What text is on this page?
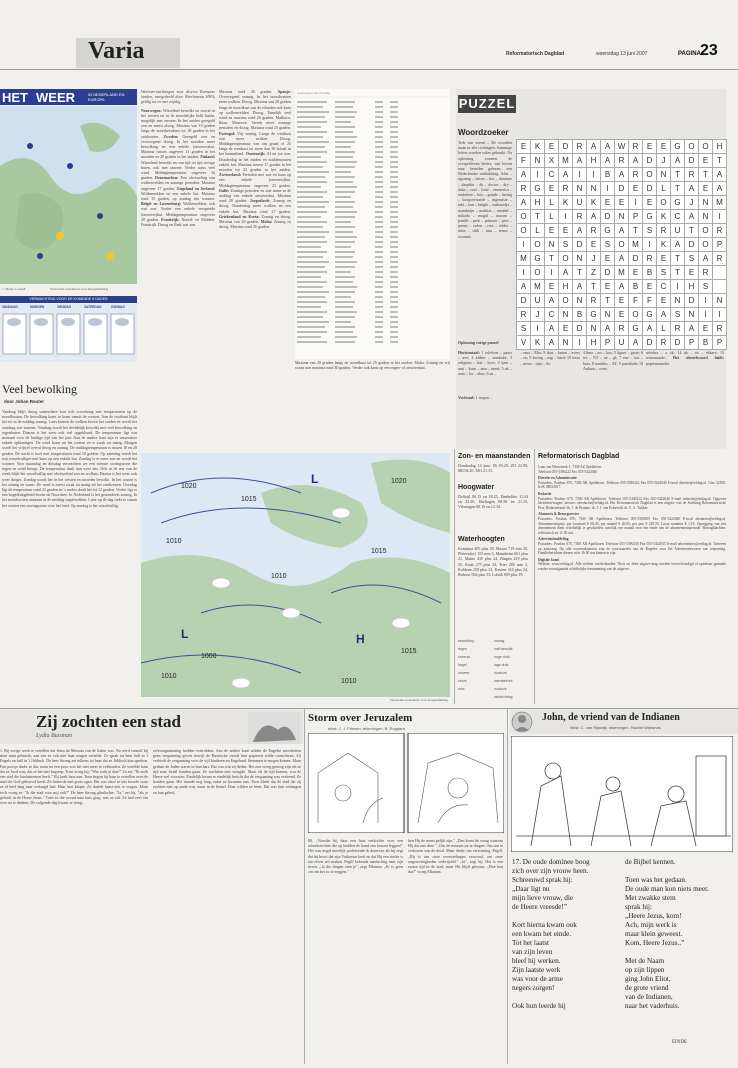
Varia	Reformatorisch Dagblad	woensdag 13 juni 2007	PAGINA 23
HET WEER	IN NEDERLAND EN EUROPA
© Meteo Consult	Verwachte weerskaart voor morgenmiddag
VERWACHTING VOOR DE KOMENDE 5 DAGEN
VANDAAG	MORGEN	VRIJDAG	ZATERDAG	ZONDAG
Veel bewolking
door Johan Reuter
Vandaag blijft droog somewhere kort tich voorsbong met temperaturen op de noordkusten. De bewolking komt te komt vanuit de westen. Aan de oostkant blijft het tot in de middag zonnig. Later komen de wolken boven het zuiden en wordt het vandaag wat warmer. Vandaag wordt het deeldelijk bewolkt met veel bewolking en regenbuien. Daarna is het weer ook wel opgeklaard. De temperatuur ligt wat normaal voor de huidige tijd van het jaar. Aan de andere kant zijn er tussendoor enkele opklaringen. De wind komt uit het westen en is zwak tot matig. Morgen wordt het vrijwel overal droog en zonnig. De middagtemperatuur is tussen 18 en 20 graden. De nacht is koel met temperaturen rond 10 graden. Op zaterdag wordt het wat wisselvalliger met kans op een enkele bui. Zondag is er meer zon en wordt het warmer. Voor maandag en dinsdag verwachten we een nieuwe storingszone die regen en wind brengt. De temperatuur daalt dan weer iets. Ook in de rest van de week blijft het wisselvallig met afwisselend zon en wolken. Daarna is het weer ook weer droger. Zondag wordt het in het westen en noorden bewolkt. In het oosten is het zonnig en warm. De wind is meest zwak tot matig uit het zuidwesten. Overdag ligt de temperatuur rond 22 graden en 's nachts daalt het tot 12 graden. Verder ligt er een hogedrukgebied boven de Noordzee. In Nederland is het grotendeels zonnig. In het noordoosten ontstaan in de middag stapelwolken. Later op de dag trekt er vanuit het westen een storingszone over het land. Op zondag is het wisselvallig.
Weersverwachtingen voor diverse Europese landen, meegedeeld door Weerbureau HWS, geldig tot en met vrijdag.
Noorwegen: Wisselend bewolkt en vooral in het westen en in de noordelijke helft buien, mogelijk met onweer. In het zuiden geregeld zon en meest droog. Maxima van 10 graden langs de noordwestkust tot 18 graden in het zuidoosten. Zweden: Geregeld zon en overwegend droog. In het noorden meer bewolking en een enkele (onweers)bui. Maxima tussen ongeveer 11 graden in het noorden en 20 graden in het zuiden. Finland: Wisselend bewolkt en van tijd tot tijd stevige buien, ook met onweer. Verder soms veel wind. Middagtemperatuur ongeveer 16 graden. Denemarken: Een afwisseling van wolkenvelden en zonnige perioden. Maxima ongeveer 17 graden. Engeland en Ierland: Wolkenvelden en een enkele bui. Maxima rond 15 graden, op zondag iets warmer. België en Luxemburg: Wolkenvelden, ook wat zon. Verder een enkele verspreide (onweers)bui. Middagtemperatuur ongeveer 20 graden. Frankrijk: Noord- en Midden-Frankrijk: Droog en flink wat zon.
Maxima rond 26 graden. Spanje: Overwegend zonnig. In het noordwesten meer wolken. Droog. Maxima van 20 graden langs de noordkust van de eilanden ook kans op wolkenvelden. Droog. Tamelijk veel wind en maxima rond 26 graden. Mallorca, Ibiza, Menorca: Steeds meer zonnige perioden en droog. Maxima rond 23 graden. Portugal: Vrij zonnig. Lange de westkust wat meer wolken. Droog. Middagtemperatuur van om graad of 25 langs de westkust tot meer dan 30 lokaal in het binnenland. Oostenrijk: Af en toe zon. Donderdag in het zuiden en middenoosten enkele bui. Maxima tussen 17 graden in het noorden tot 22 graden in het zuiden. Zwitserland: Perioden met zon en kans op een enkele (onweers)bui. Middagtemperatuur ongeveer 23 graden. Italië: Zonnige perioden en met name in de middag een enkele onweersbui. Maxima rond 28 graden. Joegoslavië: Zonnig en droog. Donderdag meer wolken en een enkele bui. Maxima rond 27 graden. Griekenland en Kreta: Zonnig en droog. Maxima van 29 graden. Malta: Zonnig en droog. Maxima rond 26 graden.
weerrapport van dinsdag
Maxima van 20 graden langs de noordkust tot 25 graden in het zuiden. Malta: Zonnig en vrij warm met maxima rond 30 graden. Verder ook kans op een regen- of onweersbui.
PUZZEL
Woordzoeker
Trek van vorenl – De woorden staan in alle richtingen. Sommige letters worden vaker gebruikt. Na oplossing vormen de overgebleven letters, van boven naar beneden gelezen, een Nederlandse uitdrukking. Afrit – agoning – baton – bot – dammer – dauphin – dit – doctor – dry – duke – ezel – fond – emmerica – endolerie – foto – grinde – hering – hoogverwarde – ingemiste – inkt – kan – knight – maharadja – mandarijn – mathias – meubel – mikado – mogul – nazom – pandit – piek – primaat – pres – prinse – raden – rate – ridder – shire – sikh – taza – tenno – vicomte.
Oplossing vorige puzzel
Horizontaal: 1 telefoon – paars – ave; 2 afdeer – aandacht; 3 religieus – hat – hoor; 4 ipen – anti – kuur – tarn – nend; 5 ak – auto – lor – abor; 6 na –
Verticaal: 1 terpan –
– ema – Elio; 8 ikus – kanus – avers – en; 9 kering – nap – bard; 10 trens – niezn – tijm – Se.
4 lime – ers – kos; 5 ligner – gaste; 6 tes – NT – ne – gl; 7 ene – ion – bras; 8 nautilus – AT; 9 paastkado 10 Ankara – oven;
sehebra – a ok; 14 ab – ox – ekkers; 15 stimuraarde. Het sleutelwoord luidt: pepermuntolie.
E	K	E	D	R	A	A	W	R	E	E	G	O	O	H
F	N	X	M	A	H	A	R	A	D	J	A	D	E	T
A	I	C	A	I	I	B	A	R	O	N	T	R	T	A
R	G	E	R	N	N	I	D	E	D	L	T	A	E	A
A	H	L	K	U	K	E	E	I	E	O	G	J	N	M
O	T	L	I	R	A	D	N	P	G	K	C	A	N	I
O	L	E	E	A	R	G	A	T	S	R	U	T	O	R
I	O	N	S	D	E	S	O	M	I	K	A	D	O	P
M	G	T	O	N	J	E	A	D	R	E	T	S	A	R
I	O	I	A	T	Z	D	M	E	B	S	T	E	R	
A	M	E	H	A	T	E	A	B	E	C	I	H	S	
D	U	A	O	N	R	T	E	F	F	E	N	D	I	N
R	J	C	N	B	G	N	E	O	G	A	S	N	I	I
S	I	A	E	D	N	A	R	G	A	L	R	A	E	R
V	K	A	N	I	H	P	U	A	D	R	D	P	B	P
1020
1015
1010
1015
1010
1000
1010
1020
1015
1010
L
L	H
Verwachte weerskaart voor morgenmiddag
Zon- en maanstanden
Donderdag 14 juni: Z6 05.20, ZO 22.00; M0 04.20, MO 21.15.
Hoogwater
Delfzijl 06.15 en 18.25, Denhelder 11.04 en 23.30, Harlingen 08.50 en 21.10, Vlissingen 00.16 en 12.34.
Waterhoogten
Konstanz 495 plus 20, Maxau 719 min 20, Plittersdorf 155 min 5, Mannheim 661 plus 21, Mainz 435 plus 24, Bingen 419 plus 25, Kaub 275 plus 34, Trier 285 min 2, Koblenz 258 plus 21, Keulen 416 plus 24, Ruhrort 504 plus 33, Lobith 869 plus 19.
bewolking
regen
sneeuw
hagel
onweer
storm
mist
zonnig
half bewolkt
hoge druk
lage druk
koufront
warmtefront
occlusie
windrichting
Reformatorisch Dagblad
Laan van Westenenk 1, 7336 AZ Apeldoorn
Telefoon 055-5390222 Fax 055-5422040
Directie en Administratie
Postadres: Postbus 670, 7300 AR Apeldoorn. Telefoon 055-5390222 Fax 055-5422040 E-mail directie@refdag.nl. Giro 32500, KvK 08033017.
Redactie
Postadres: Postbus 670, 7300 AR Apeldoorn. Telefoon 055-5390222 Fax 055-5422040 E-mail redactie@refdag.nl. Opgeven berichten/vragen/ nieuws: rdredactie@refdag.nl. Het Reformatorisch Dagblad is een uitgave van de Stichting Reformatorische Pers. Redactieraad: ds. J. de Bruijne, ds. J. J. van Eckeveld, dr. C. A. Tukker.
Abonnees & Bezorgservice
Postadres: Postbus 670, 7300 AR Apeldoorn. Telefoon 055-5390300 Fax 055-5422040 E-mail abonnees@refdag.nl. Abonnementsprijs: per kwartaal € 60,45, per maand € 20,65, per jaar € 229,55. Losse nummer € 1,10. Opzegging van een abonnement dient schriftelijk te geschieden, uiterlijk een maand voor het einde van de abonnementsperiode. Bezorgklachten: telefonisch tot 11.00 uur.
Advertentieafdeling
Postadres: Postbus 670, 7300 AR Apeldoorn. Telefoon 055-5390230 Fax 055-5422045 E-mail advertenties@refdag.nl. Tarieven op aanvraag. Op alle overeenkomsten zijn de voorwaarden van de Regelen voor het Advertentiewezen van toepassing. Familieberichten dienen vóór 16.00 uur binnen te zijn.
Digitale krant
Website: www.refdag.nl. Alle rechten voorbehouden. Niets uit deze uitgave mag worden verveelvoudigd of openbaar gemaakt zonder voorafgaande schriftelijke toestemming van de uitgever.
Zij zochten een stad
Lydia Buisman
1. Bij vorige week te vertellen dat Jezus de Messias van de Joden was. Nu werd vanzelf bij deze man gebracht, aan wie ze ook niet haar zorgen vertelde. Ze sprak tot hem half in 't Engels en half in 't Jiddisch. De heer Strong zei telkens tot haar dat ze Jiddisch kon spreken. Een poosje dacht ze dat, maar na een poos was het niet meer te volhouden. Ze vertelde haar dat ze Jood was, dat ze het niet begreep. Toen vroeg hij: "Wat zoek je dan?" Ze zei: "Ik zoek een stad die fundamenten heeft." Hij keek haar aan. Toen begon hij haar te vertellen over de stad die God gebouwd heeft. Ze luisterde met grote ogen. Het was alsof ze iets hoorde waar ze al heel lang naar verlangd had. Haar hart klopte. Ze durfde haast niet te vragen. Maar toch vroeg ze: "Is die stad voor mij ook?" De heer Strong glimlachte. "Ja," zei hij, "als je gelooft in de Heere Jezus." Toen ze die avond naar huis ging, was ze stil. Ze had veel om over na te denken. De volgende dag kwam ze terug.
zelvoorganisatieg hadden vertrokken. Aan de andere kant wilden de Engelse autoriteiten geen vergunning geven terwijl de Russische overal hun papieren wilde controleren. Zij verbiedt de vergunning voor de vijf kinderen en Engeland. Stemmen te mogen komen. Maar gedaan de Joden waren in hun hart. Dat was wat zij deden. Het zou vroeg genoeg zijn als ze tijd naar Israël konden gaan. Ze wachtten met vreugde. Maar als de tijd komen, zou de Heere wel voorzien. Eindelijk kwam er eindelijk bericht dat de vergunning was verleend. Ze konden gaan. Het duurde nog lang, maar ze kwamen aan. Toen bleek dat de stad die zij zochten niet op aarde was, maar in de hemel. Daar wilden ze heen. Dat was hun verlangen en hun gebed.
Storm over Jeruzalem
tekst: J. J. Prinsen, tekeningen: B. Rogaard
88. „Voordat hij daar een huis verkochte voor een scheidsrechter die op bedden de hand een kussen leggen?" Het was nogal moeilijk profeteerde ik daarvoor als hij zegt dat hij hoort dat zijn Vorkeraar leeft en dat Hij een sterke is tan elven wil maken. Pegill bekende aandachtig naar zijn heren. „Ja die dingen zien je", zegt Elkanan. „Er is geen zin om het zo te zeggen."
ken Hij de mens gelijk zijn." „Dan komt de vraag waarom Hij dat ons deze." „Om de mensen uit te dragen. Om ons te verlossen van de dood. Maar denkt van verzoening. Pegill: „Hij is om onze overtredingen verwond, om onze ongerechtigheden verbrijzeld." „Ja", zegt hij. Het is een zware tijd in de stad, maar Hij blijft getrouw. „Hoe kan dat?" vroeg Elkanan.
John, de vriend van de Indianen
tekst: C. van Rijswijk, tekeningen: Rachel Wijnanas
17. De oude dominee boog
zich over zijn vrouw heen.
Schreeuwd sprak hij:
„Daar ligt nu
mijn lieve vrouw, die
de Heere vreesde!”

Kort hierna kwam ook
een kwam het einde.
Tot het laatst
van zijn leven
bleef hij werken.
Zijn laatste werk
was voor de arme
negers zorgen!

Ook hun leerde hij
de Bijbel kennen.

Toen was het gedaan.
De oude man kon niets meer.
Met zwakke stem
sprak hij:
„Heere Jezus, kom!
Ach, mijn werk is
maar klein geweest.
Kom, Heere Jezus..”

Met de Naam
op zijn lippen
ging John Eliot,
de grote vriend
van de Indianen,
naar het vaderhuis.
EINDE
